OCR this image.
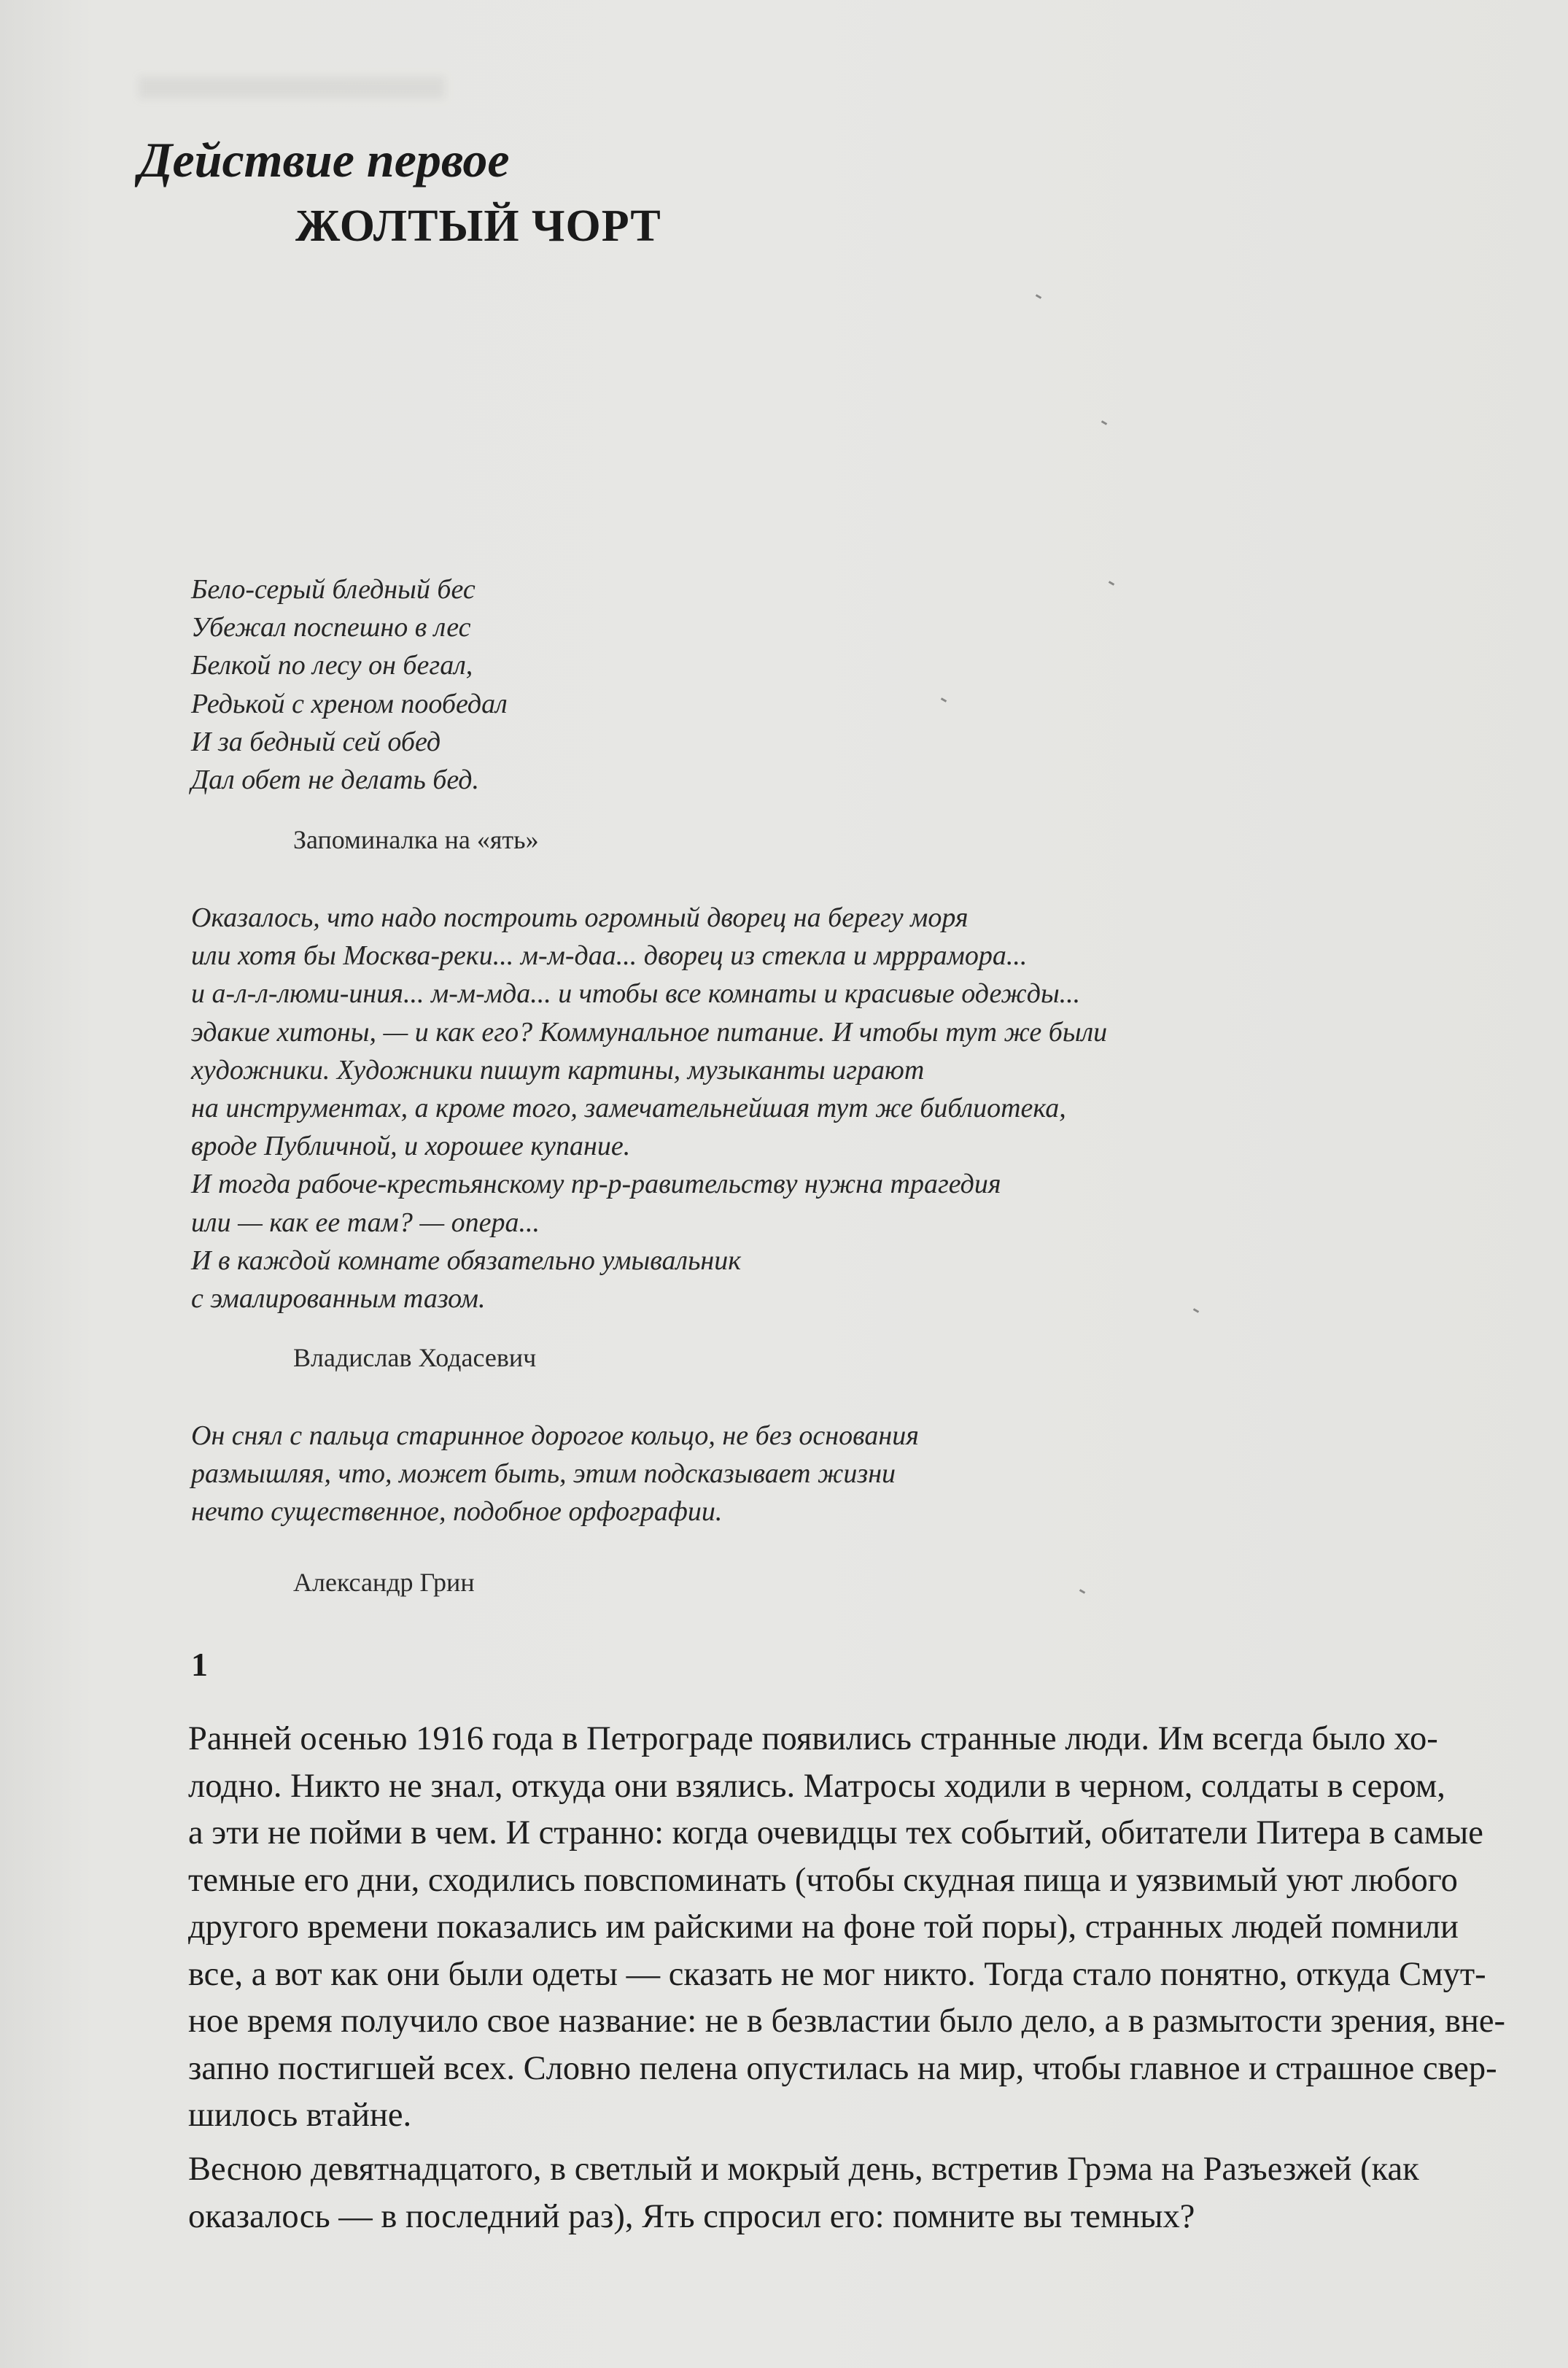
Действие первое
ЖОЛТЫЙ ЧОРТ
Бело-серый бледный бес
Убежал поспешно в лес
Белкой по лесу он бегал,
Редькой с хреном пообедал
И за бедный сей обед
Дал обет не делать бед.
Запоминалка на «ять»
Оказалось, что надо построить огромный дворец на берегу моря
или хотя бы Москва-реки... м-м-даа... дворец из стекла и мрррамора...
и а-л-л-люми-иния... м-м-мда... и чтобы все комнаты и красивые одежды...
эдакие хитоны, — и как его? Коммунальное питание. И чтобы тут же были
художники. Художники пишут картины, музыканты играют
на инструментах, а кроме того, замечательнейшая тут же библиотека,
вроде Публичной, и хорошее купание.
И тогда рабоче-крестьянскому пр-р-равительству нужна трагедия
или — как ее там? — опера...
И в каждой комнате обязательно умывальник
с эмалированным тазом.
Владислав Ходасевич
Он снял с пальца старинное дорогое кольцо, не без основания
размышляя, что, может быть, этим подсказывает жизни
нечто существенное, подобное орфографии.
Александр Грин
1
Ранней осенью 1916 года в Петрограде появились странные люди. Им всегда было хо-
лодно. Никто не знал, откуда они взялись. Матросы ходили в черном, солдаты в сером,
а эти не пойми в чем. И странно: когда очевидцы тех событий, обитатели Питера в самые
темные его дни, сходились повспоминать (чтобы скудная пища и уязвимый уют любого
другого времени показались им райскими на фоне той поры), странных людей помнили
все, а вот как они были одеты — сказать не мог никто. Тогда стало понятно, откуда Смут-
ное время получило свое название: не в безвластии было дело, а в размытости зрения, вне-
запно постигшей всех. Словно пелена опустилась на мир, чтобы главное и страшное свер-
шилось втайне.
Весною девятнадцатого, в светлый и мокрый день, встретив Грэма на Разъезжей (как
оказалось — в последний раз), Ять спросил его: помните вы темных?
